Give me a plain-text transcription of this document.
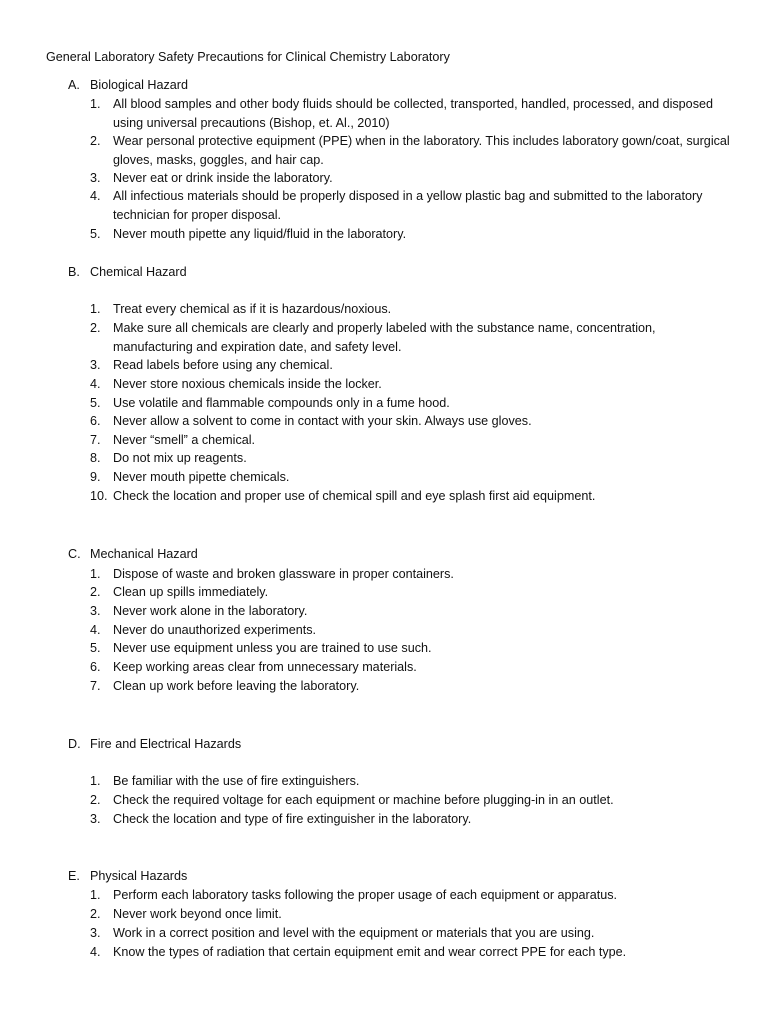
General Laboratory Safety Precautions for Clinical Chemistry Laboratory
A. Biological Hazard
1. All blood samples and other body fluids should be collected, transported, handled, processed, and disposed using universal precautions (Bishop, et. Al., 2010)
2. Wear personal protective equipment (PPE) when in the laboratory. This includes laboratory gown/coat, surgical gloves, masks, goggles, and hair cap.
3. Never eat or drink inside the laboratory.
4. All infectious materials should be properly disposed in a yellow plastic bag and submitted to the laboratory technician for proper disposal.
5. Never mouth pipette any liquid/fluid in the laboratory.
B. Chemical Hazard
1. Treat every chemical as if it is hazardous/noxious.
2. Make sure all chemicals are clearly and properly labeled with the substance name, concentration, manufacturing and expiration date, and safety level.
3. Read labels before using any chemical.
4. Never store noxious chemicals inside the locker.
5. Use volatile and flammable compounds only in a fume hood.
6. Never allow a solvent to come in contact with your skin. Always use gloves.
7. Never “smell” a chemical.
8. Do not mix up reagents.
9. Never mouth pipette chemicals.
10. Check the location and proper use of chemical spill and eye splash first aid equipment.
C. Mechanical Hazard
1. Dispose of waste and broken glassware in proper containers.
2. Clean up spills immediately.
3. Never work alone in the laboratory.
4. Never do unauthorized experiments.
5. Never use equipment unless you are trained to use such.
6. Keep working areas clear from unnecessary materials.
7. Clean up work before leaving the laboratory.
D. Fire and Electrical Hazards
1. Be familiar with the use of fire extinguishers.
2. Check the required voltage for each equipment or machine before plugging-in in an outlet.
3. Check the location and type of fire extinguisher in the laboratory.
E. Physical Hazards
1. Perform each laboratory tasks following the proper usage of each equipment or apparatus.
2. Never work beyond once limit.
3. Work in a correct position and level with the equipment or materials that you are using.
4. Know the types of radiation that certain equipment emit and wear correct PPE for each type.
